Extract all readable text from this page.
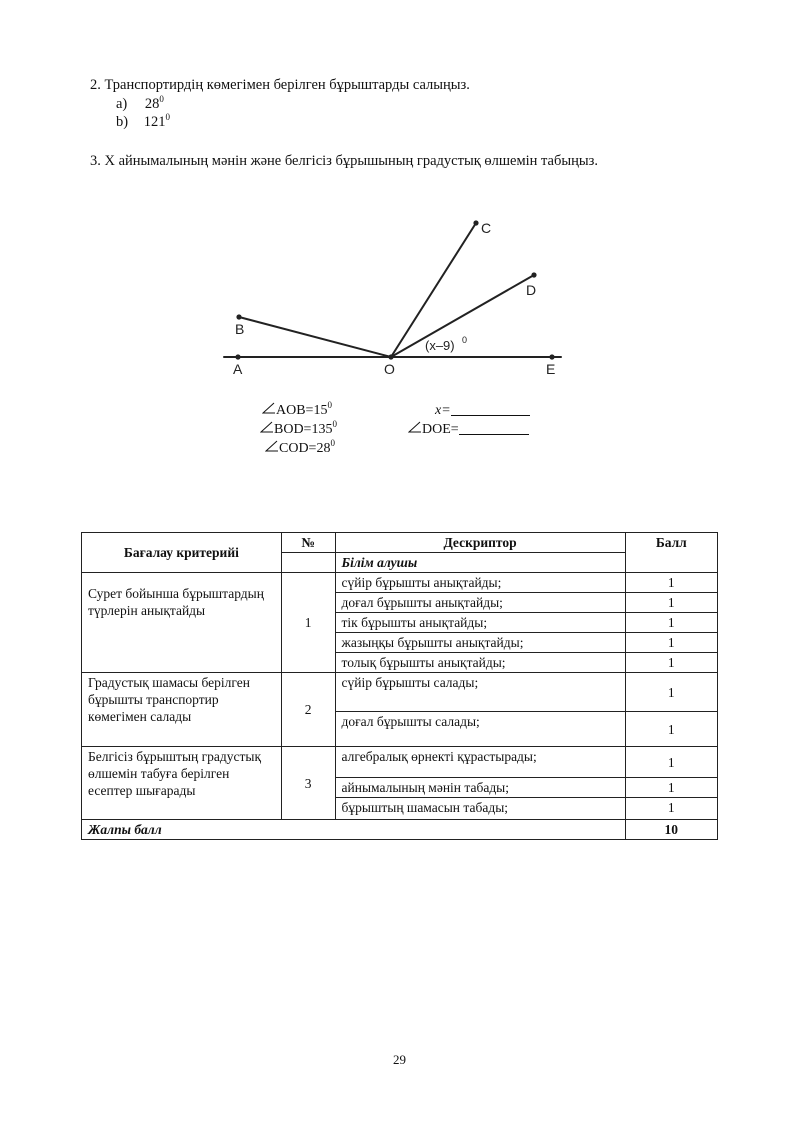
2. Транспортирдің көмегімен берілген бұрыштарды салыңыз.
a) $28^0$
b) $121^0$
3. Х айнымалының мәнін және белгісіз бұрышының градустық өлшемін табыңыз.
A
B
C
D
O	E
(x–9) 0
$AOB=15^0$
$BOD=135^0$
$COD=28^0$
x=
DOE=
Бағалау критерийі	№	Дескриптор	Балл
		Білім алушы	
Сурет бойынша бұрыштардың түрлерін анықтайды	1	сүйір бұрышты анықтайды;	1
		доғал бұрышты анықтайды;	1
		тік бұрышты анықтайды;	1
		жазыңқы бұрышты анықтайды;	1
		толық бұрышты анықтайды;	1
Градустық шамасы берілген бұрышты транспортир көмегімен салады	2	сүйір бұрышты салады;	1
		доғал бұрышты салады;	1
Белгісіз бұрыштың градустық өлшемін табуға берілген есептер шығарады	3	алгебралық өрнекті құрастырады;	1
		айнымалының мәнін табады;	1
		бұрыштың шамасын табады;	1
Жалпы балл			10
29
